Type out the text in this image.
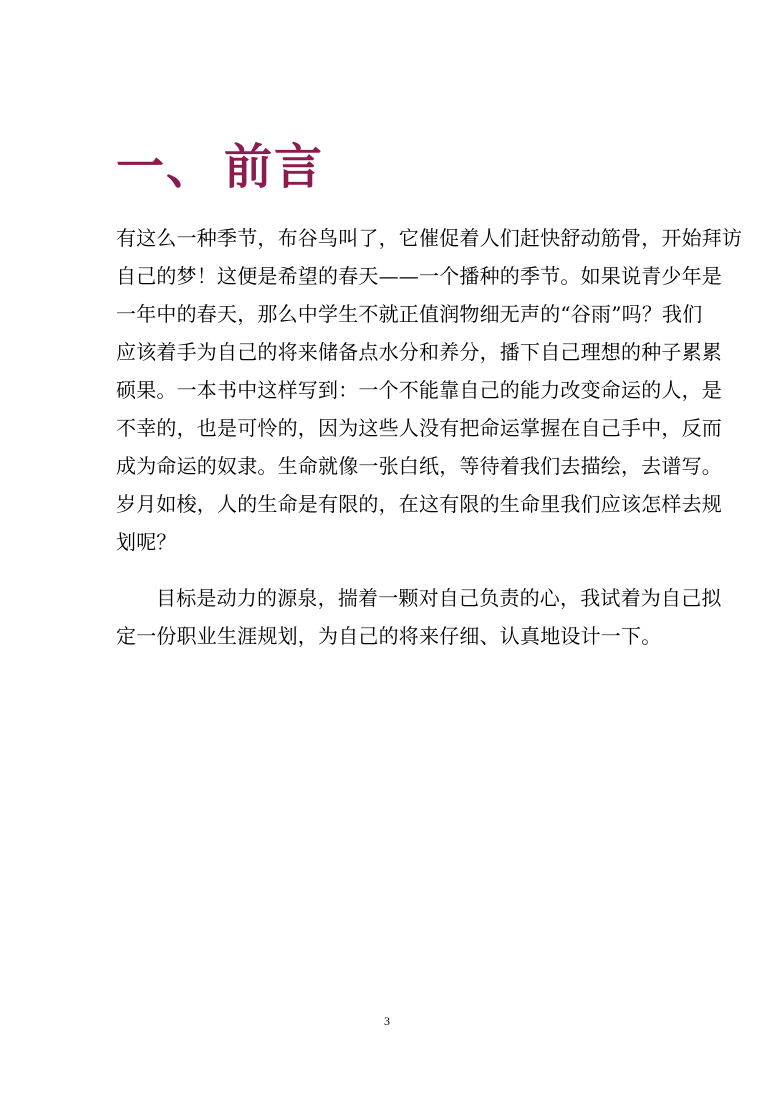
一、 前言

有这么一种季节，布谷鸟叫了，它催促着人们赶快舒动筋骨，开始拜访

自己的梦！这便是希望的春天——一个播种的季节。如果说青少年是

一年中的春天，那么中学生不就正值润物细无声的“谷雨”吗？我们

应该着手为自己的将来储备点水分和养分，播下自己理想的种子累累

硕果。一本书中这样写到：一个不能靠自己的能力改变命运的人，是

不幸的，也是可怜的，因为这些人没有把命运掌握在自己手中，反而

成为命运的奴隶。生命就像一张白纸，等待着我们去描绘，去谱写。

岁月如梭，人的生命是有限的，在这有限的生命里我们应该怎样去规

划呢？

目标是动力的源泉，揣着一颗对自己负责的心，我试着为自己拟

定一份职业生涯规划，为自己的将来仔细、认真地设计一下。

3
